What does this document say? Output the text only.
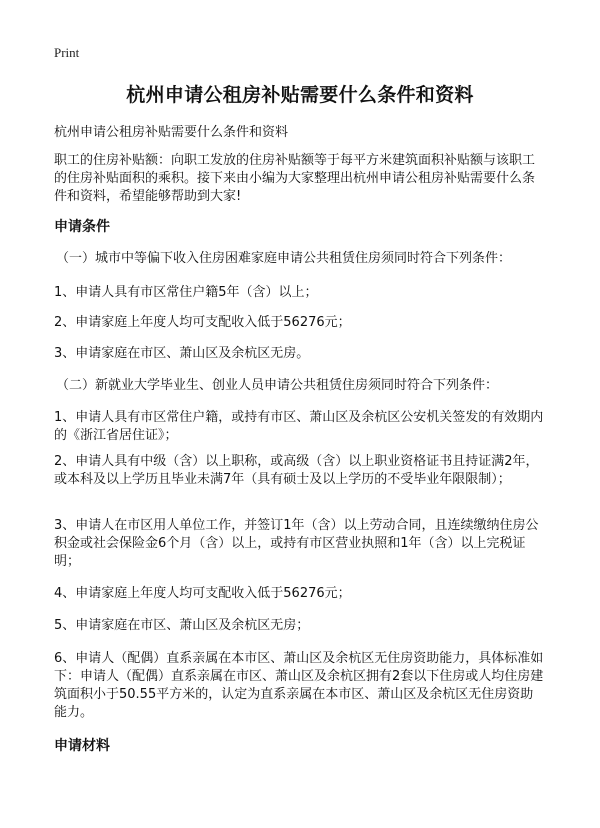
Print
杭州申请公租房补贴需要什么条件和资料
杭州申请公租房补贴需要什么条件和资料
职工的住房补贴额：向职工发放的住房补贴额等于每平方米建筑面积补贴额与该职工的住房补贴面积的乘积。接下来由小编为大家整理出杭州申请公租房补贴需要什么条件和资料，希望能够帮助到大家!
申请条件
（一）城市中等偏下收入住房困难家庭申请公共租赁住房须同时符合下列条件：
1、申请人具有市区常住户籍5年（含）以上；
2、申请家庭上年度人均可支配收入低于56276元；
3、申请家庭在市区、萧山区及余杭区无房。
（二）新就业大学毕业生、创业人员申请公共租赁住房须同时符合下列条件：
1、申请人具有市区常住户籍，或持有市区、萧山区及余杭区公安机关签发的有效期内的《浙江省居住证》；
2、申请人具有中级（含）以上职称，或高级（含）以上职业资格证书且持证满2年，或本科及以上学历且毕业未满7年（具有硕士及以上学历的不受毕业年限限制）；
3、申请人在市区用人单位工作，并签订1年（含）以上劳动合同，且连续缴纳住房公积金或社会保险金6个月（含）以上，或持有市区营业执照和1年（含）以上完税证明；
4、申请家庭上年度人均可支配收入低于56276元；
5、申请家庭在市区、萧山区及余杭区无房；
6、申请人（配偶）直系亲属在本市区、萧山区及余杭区无住房资助能力，具体标准如下：申请人（配偶）直系亲属在市区、萧山区及余杭区拥有2套以下住房或人均住房建筑面积小于50.55平方米的，认定为直系亲属在本市区、萧山区及余杭区无住房资助能力。
申请材料
